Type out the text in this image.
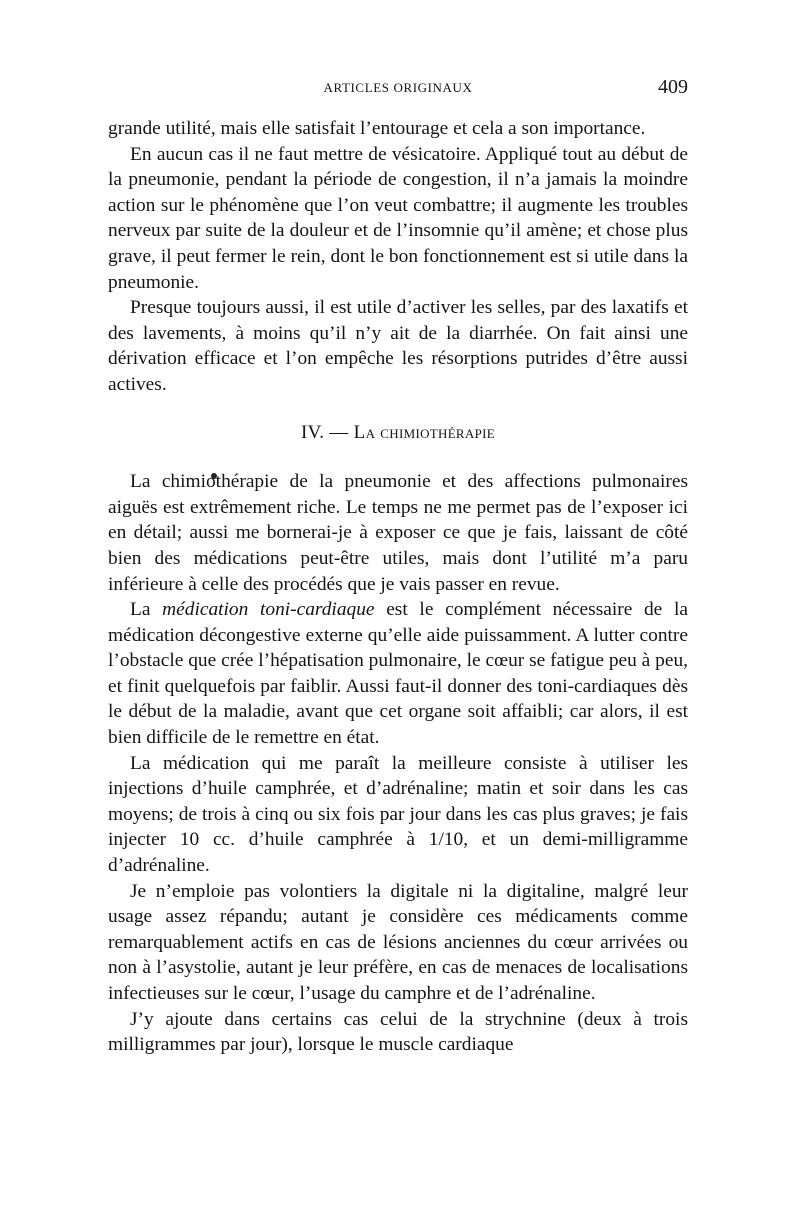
ARTICLES ORIGINAUX	409

grande utilité, mais elle satisfait l’entourage et cela a son importance.

En aucun cas il ne faut mettre de vésicatoire. Appliqué tout au début de la pneumonie, pendant la période de congestion, il n’a jamais la moindre action sur le phénomène que l’on veut combattre; il augmente les troubles nerveux par suite de la douleur et de l’insomnie qu’il amène; et chose plus grave, il peut fermer le rein, dont le bon fonctionnement est si utile dans la pneumonie.

Presque toujours aussi, il est utile d’activer les selles, par des laxatifs et des lavements, à moins qu’il n’y ait de la diarrhée. On fait ainsi une dérivation efficace et l’on empêche les résorptions putrides d’être aussi actives.

IV. — La chimiothérapie

La chimiothérapie de la pneumonie et des affections pulmonaires aiguës est extrêmement riche. Le temps ne me permet pas de l’exposer ici en détail; aussi me bornerai-je à exposer ce que je fais, laissant de côté bien des médications peut-être utiles, mais dont l’utilité m’a paru inférieure à celle des procédés que je vais passer en revue.

La médication toni-cardiaque est le complément nécessaire de la médication décongestive externe qu’elle aide puissamment. A lutter contre l’obstacle que crée l’hépatisation pulmonaire, le cœur se fatigue peu à peu, et finit quelquefois par faiblir. Aussi faut-il donner des toni-cardiaques dès le début de la maladie, avant que cet organe soit affaibli; car alors, il est bien difficile de le remettre en état.

La médication qui me paraît la meilleure consiste à utiliser les injections d’huile camphrée, et d’adrénaline; matin et soir dans les cas moyens; de trois à cinq ou six fois par jour dans les cas plus graves; je fais injecter 10 cc. d’huile camphrée à 1/10, et un demi-milligramme d’adrénaline.

Je n’emploie pas volontiers la digitale ni la digitaline, malgré leur usage assez répandu; autant je considère ces médicaments comme remarquablement actifs en cas de lésions anciennes du cœur arrivées ou non à l’asystolie, autant je leur préfère, en cas de menaces de localisations infectieuses sur le cœur, l’usage du camphre et de l’adrénaline.

J’y ajoute dans certains cas celui de la strychnine (deux à trois milligrammes par jour), lorsque le muscle cardiaque
